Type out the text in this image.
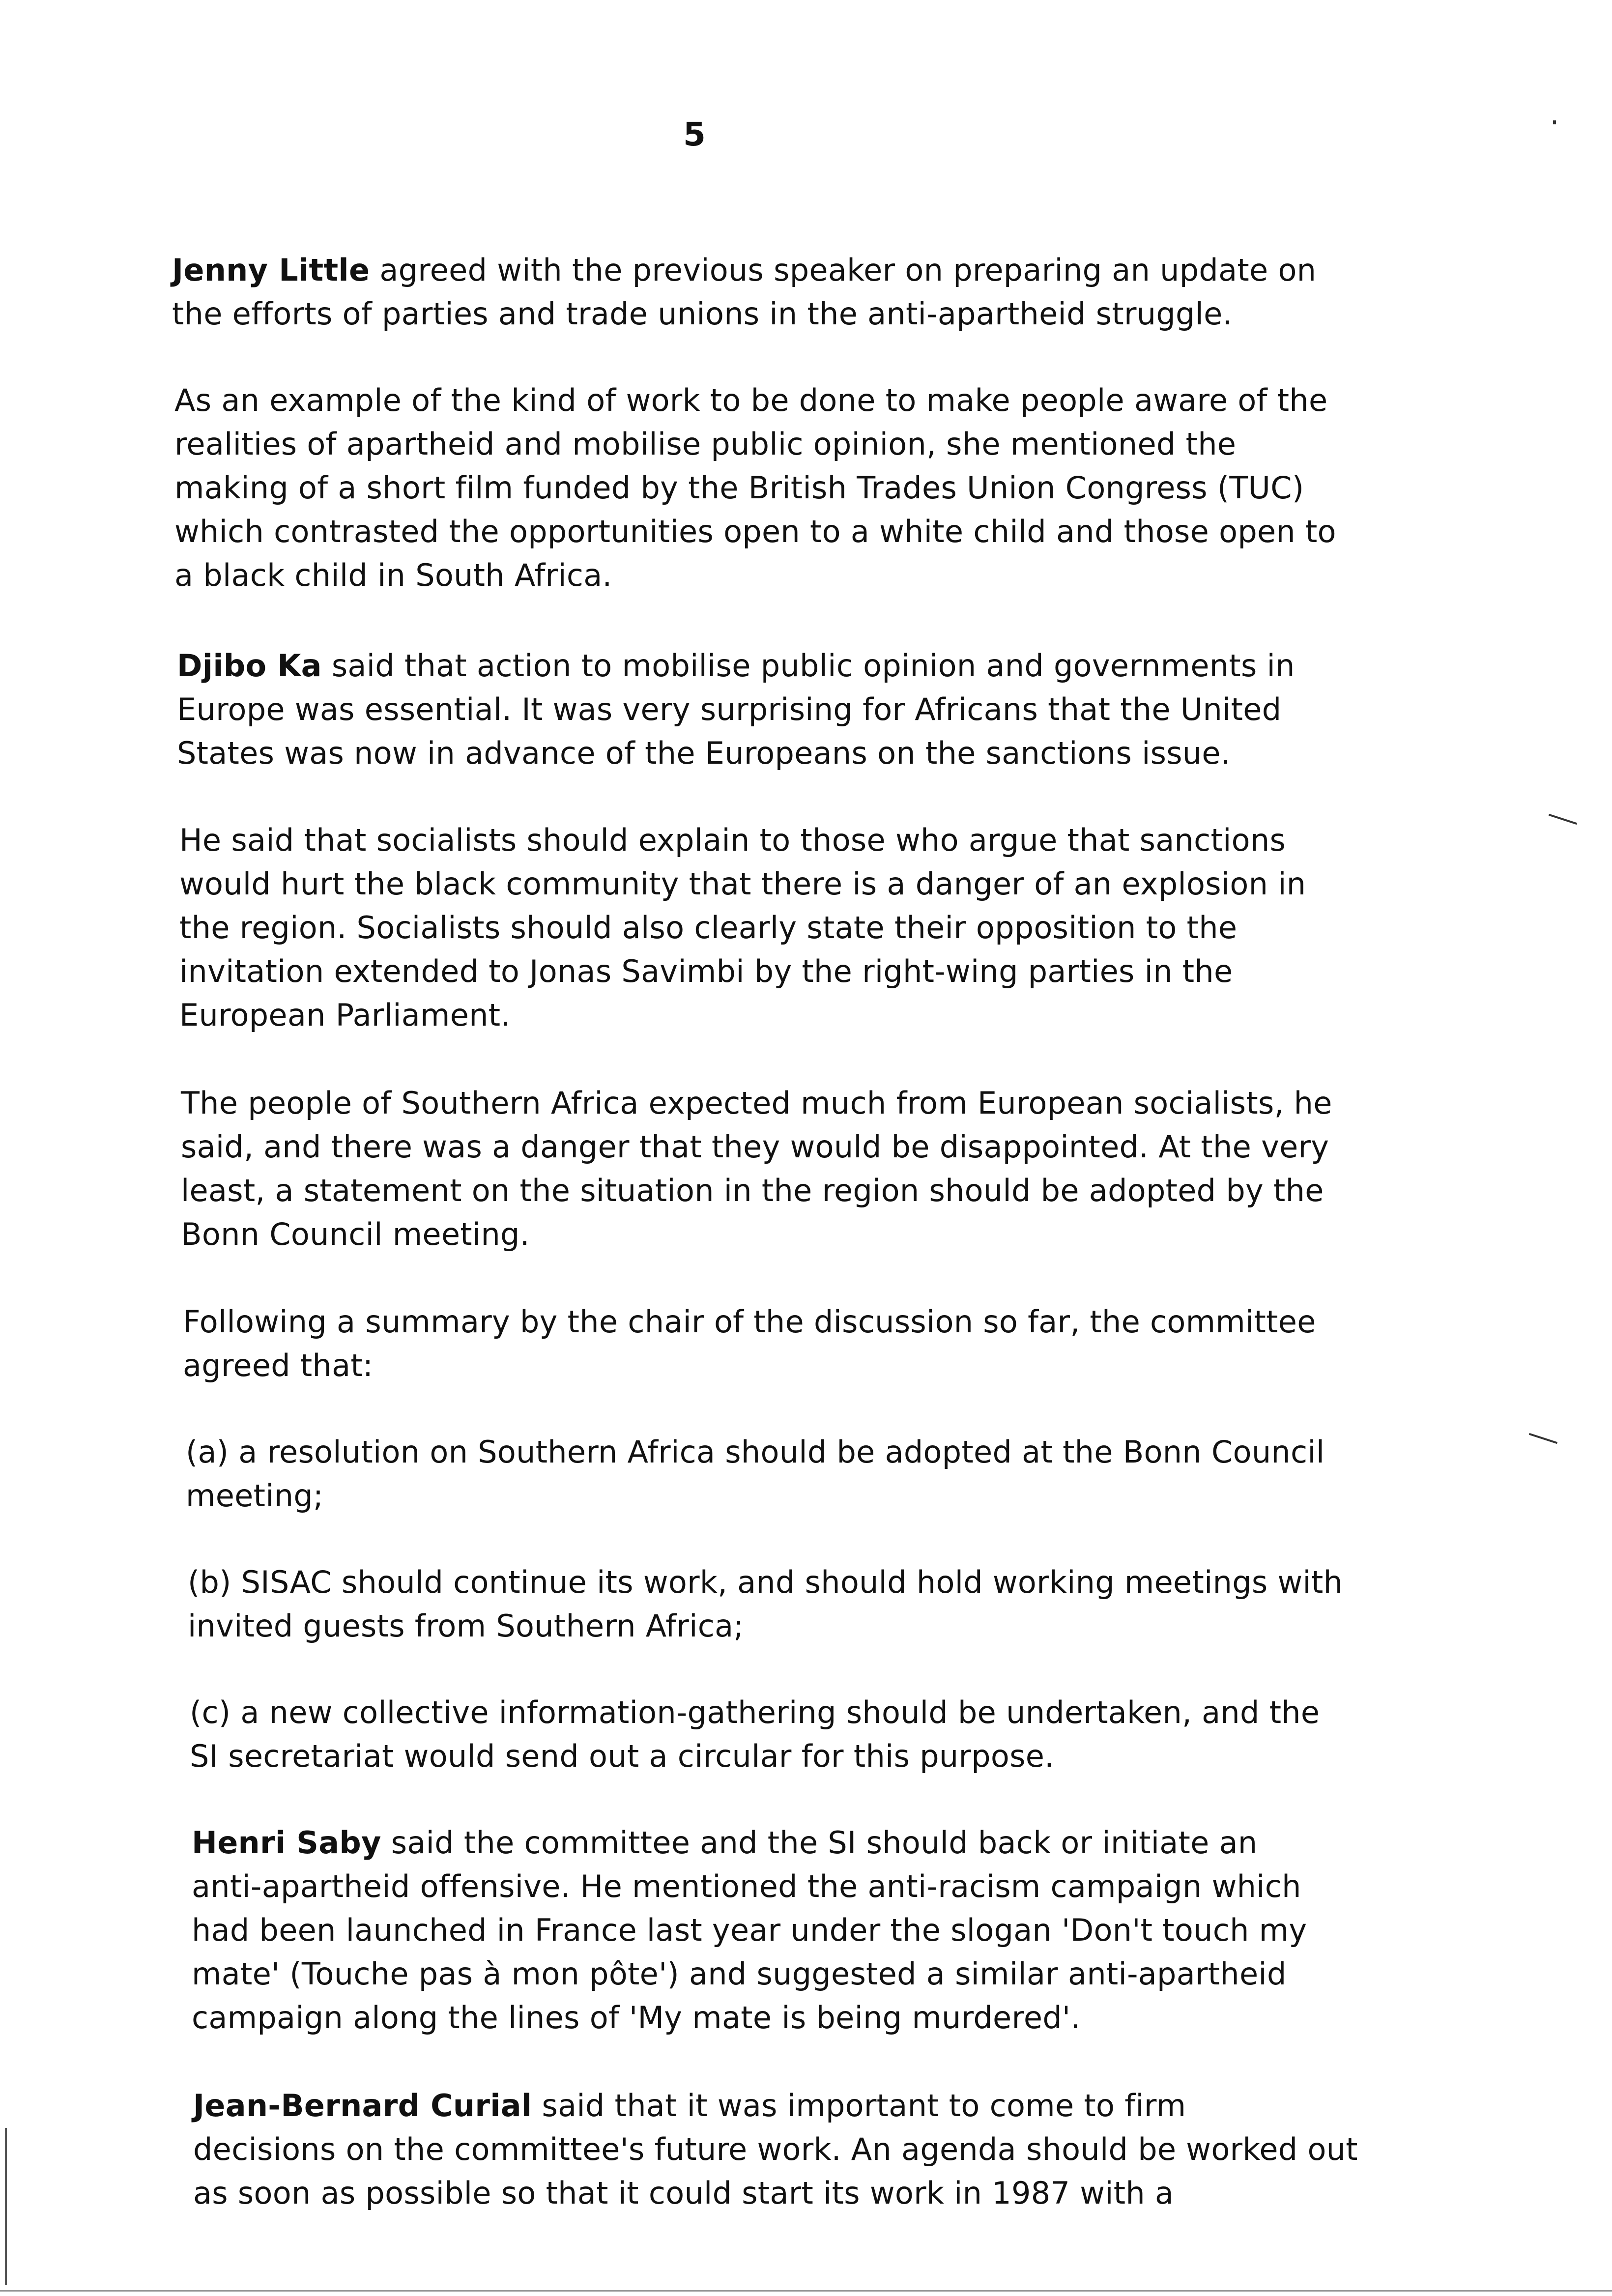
5
Jenny Little agreed with the previous speaker on preparing an update on
the efforts of parties and trade unions in the anti-apartheid struggle.
As an example of the kind of work to be done to make people aware of the
realities of apartheid and mobilise public opinion, she mentioned the
making of a short film funded by the British Trades Union Congress (TUC)
which contrasted the opportunities open to a white child and those open to
a black child in South Africa.
Djibo Ka said that action to mobilise public opinion and governments in
Europe was essential. It was very surprising for Africans that the United
States was now in advance of the Europeans on the sanctions issue.
He said that socialists should explain to those who argue that sanctions
would hurt the black community that there is a danger of an explosion in
the region. Socialists should also clearly state their opposition to the
invitation extended to Jonas Savimbi by the right-wing parties in the
European Parliament.
The people of Southern Africa expected much from European socialists, he
said, and there was a danger that they would be disappointed. At the very
least, a statement on the situation in the region should be adopted by the
Bonn Council meeting.
Following a summary by the chair of the discussion so far, the committee
agreed that:
(a) a resolution on Southern Africa should be adopted at the Bonn Council
meeting;
(b) SISAC should continue its work, and should hold working meetings with
invited guests from Southern Africa;
(c) a new collective information-gathering should be undertaken, and the
SI secretariat would send out a circular for this purpose.
Henri Saby said the committee and the SI should back or initiate an
anti-apartheid offensive. He mentioned the anti-racism campaign which
had been launched in France last year under the slogan 'Don't touch my
mate' (Touche pas à mon pôte') and suggested a similar anti-apartheid
campaign along the lines of 'My mate is being murdered'.
Jean-Bernard Curial said that it was important to come to firm
decisions on the committee's future work. An agenda should be worked out
as soon as possible so that it could start its work in 1987 with a
